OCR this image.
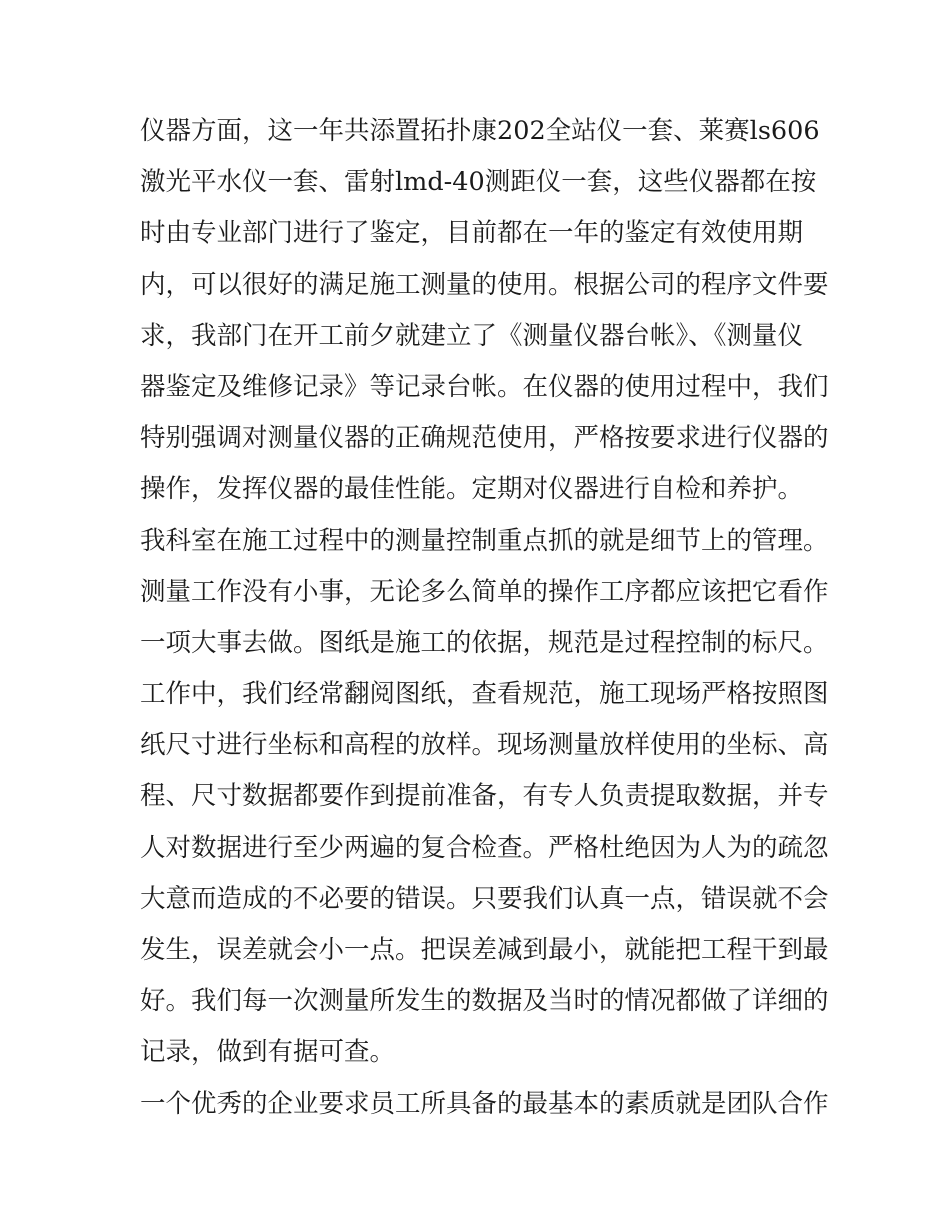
仪器方面，这一年共添置拓扑康202全站仪一套、莱赛ls606
激光平水仪一套、雷射lmd-40测距仪一套，这些仪器都在按
时由专业部门进行了鉴定，目前都在一年的鉴定有效使用期
内，可以很好的满足施工测量的使用。根据公司的程序文件要
求，我部门在开工前夕就建立了《测量仪器台帐》、《测量仪
器鉴定及维修记录》等记录台帐。在仪器的使用过程中，我们
特别强调对测量仪器的正确规范使用，严格按要求进行仪器的
操作，发挥仪器的最佳性能。定期对仪器进行自检和养护。
我科室在施工过程中的测量控制重点抓的就是细节上的管理。
测量工作没有小事，无论多么简单的操作工序都应该把它看作
一项大事去做。图纸是施工的依据，规范是过程控制的标尺。
工作中，我们经常翻阅图纸，查看规范，施工现场严格按照图
纸尺寸进行坐标和高程的放样。现场测量放样使用的坐标、高
程、尺寸数据都要作到提前准备，有专人负责提取数据，并专
人对数据进行至少两遍的复合检查。严格杜绝因为人为的疏忽
大意而造成的不必要的错误。只要我们认真一点，错误就不会
发生，误差就会小一点。把误差减到最小，就能把工程干到最
好。我们每一次测量所发生的数据及当时的情况都做了详细的
记录，做到有据可查。
一个优秀的企业要求员工所具备的最基本的素质就是团队合作
